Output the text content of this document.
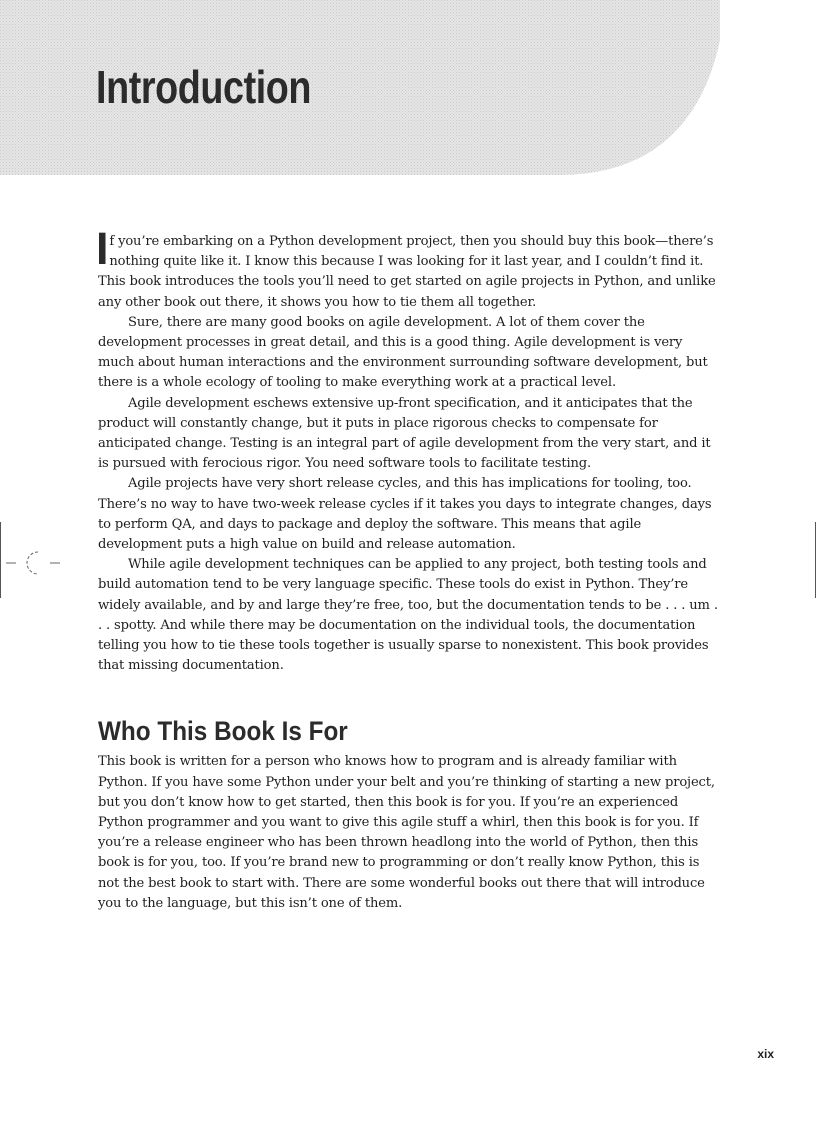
Introduction

If you’re embarking on a Python development project, then you should buy this book—there’s nothing quite like it. I know this because I was looking for it last year, and I couldn’t find it. This book introduces the tools you’ll need to get started on agile projects in Python, and unlike any other book out there, it shows you how to tie them all together.

Sure, there are many good books on agile development. A lot of them cover the development processes in great detail, and this is a good thing. Agile development is very much about human interactions and the environment surrounding software development, but there is a whole ecology of tooling to make everything work at a practical level.

Agile development eschews extensive up-front specification, and it anticipates that the product will constantly change, but it puts in place rigorous checks to compensate for anticipated change. Testing is an integral part of agile development from the very start, and it is pursued with ferocious rigor. You need software tools to facilitate testing.

Agile projects have very short release cycles, and this has implications for tooling, too. There’s no way to have two-week release cycles if it takes you days to integrate changes, days to perform QA, and days to package and deploy the software. This means that agile development puts a high value on build and release automation.

While agile development techniques can be applied to any project, both testing tools and build automation tend to be very language specific. These tools do exist in Python. They’re widely available, and by and large they’re free, too, but the documentation tends to be . . . um . . . spotty. And while there may be documentation on the individual tools, the documentation telling you how to tie these tools together is usually sparse to nonexistent. This book provides that missing documentation.

Who This Book Is For

This book is written for a person who knows how to program and is already familiar with Python. If you have some Python under your belt and you’re thinking of starting a new project, but you don’t know how to get started, then this book is for you. If you’re an experienced Python programmer and you want to give this agile stuff a whirl, then this book is for you. If you’re a release engineer who has been thrown headlong into the world of Python, then this book is for you, too. If you’re brand new to programming or don’t really know Python, this is not the best book to start with. There are some wonderful books out there that will introduce you to the language, but this isn’t one of them.

xix
